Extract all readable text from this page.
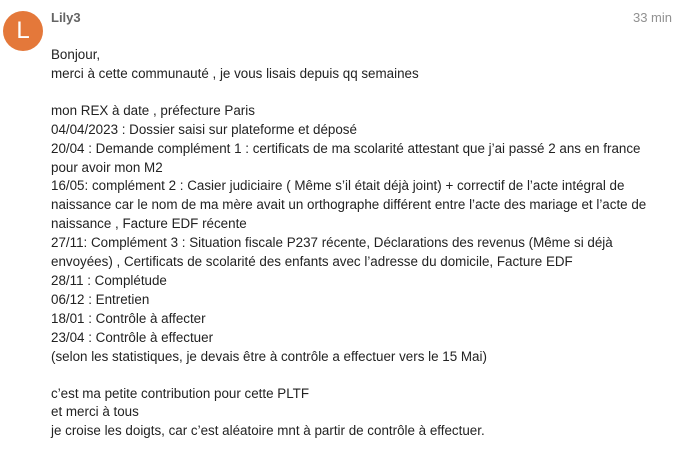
L	Lily3	33 min

Bonjour,
merci à cette communauté , je vous lisais depuis qq semaines

mon REX à date , préfecture Paris
04/04/2023 : Dossier saisi sur plateforme et déposé
20/04 : Demande complément 1 : certificats de ma scolarité attestant que j’ai passé 2 ans en france
pour avoir mon M2
16/05: complément 2 : Casier judiciaire ( Même s’il était déjà joint) + correctif de l’acte intégral de
naissance car le nom de ma mère avait un orthographe différent entre l’acte des mariage et l’acte de
naissance , Facture EDF récente
27/11: Complément 3 : Situation fiscale P237 récente, Déclarations des revenus (Même si déjà
envoyées) , Certificats de scolarité des enfants avec l’adresse du domicile, Facture EDF
28/11 : Complétude
06/12 : Entretien
18/01 : Contrôle à affecter
23/04 : Contrôle à effectuer
(selon les statistiques, je devais être à contrôle a effectuer vers le 15 Mai)

c’est ma petite contribution pour cette PLTF
et merci à tous
je croise les doigts, car c’est aléatoire mnt à partir de contrôle à effectuer.
